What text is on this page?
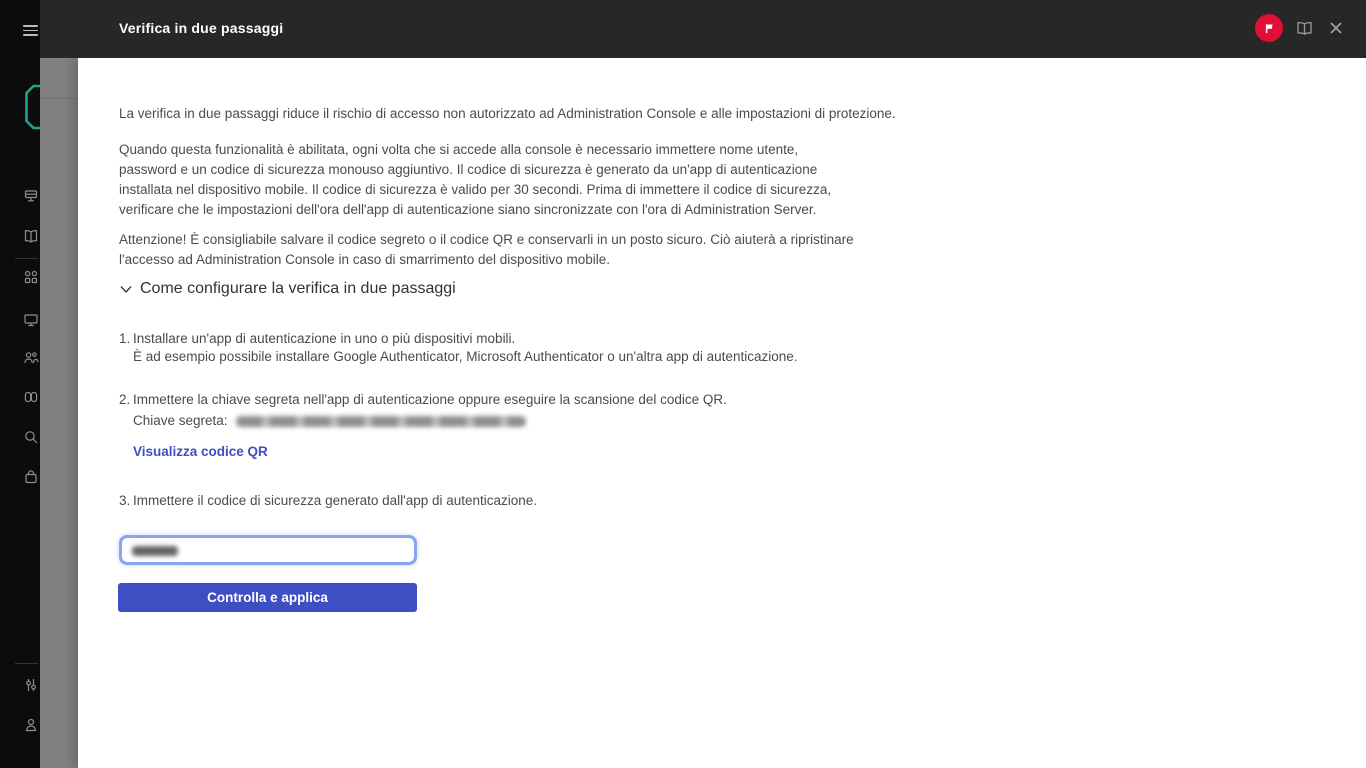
Verifica in due passaggi
La verifica in due passaggi riduce il rischio di accesso non autorizzato ad Administration Console e alle impostazioni di protezione.
Quando questa funzionalità è abilitata, ogni volta che si accede alla console è necessario immettere nome utente,
password e un codice di sicurezza monouso aggiuntivo. Il codice di sicurezza è generato da un'app di autenticazione
installata nel dispositivo mobile. Il codice di sicurezza è valido per 30 secondi. Prima di immettere il codice di sicurezza,
verificare che le impostazioni dell'ora dell'app di autenticazione siano sincronizzate con l'ora di Administration Server.
Attenzione! È consigliabile salvare il codice segreto o il codice QR e conservarli in un posto sicuro. Ciò aiuterà a ripristinare
l'accesso ad Administration Console in caso di smarrimento del dispositivo mobile.
Come configurare la verifica in due passaggi
1. Installare un'app di autenticazione in uno o più dispositivi mobili.
È ad esempio possibile installare Google Authenticator, Microsoft Authenticator o un'altra app di autenticazione.
2. Immettere la chiave segreta nell'app di autenticazione oppure eseguire la scansione del codice QR.
Chiave segreta:
Visualizza codice QR
3. Immettere il codice di sicurezza generato dall'app di autenticazione.
Controlla e applica
